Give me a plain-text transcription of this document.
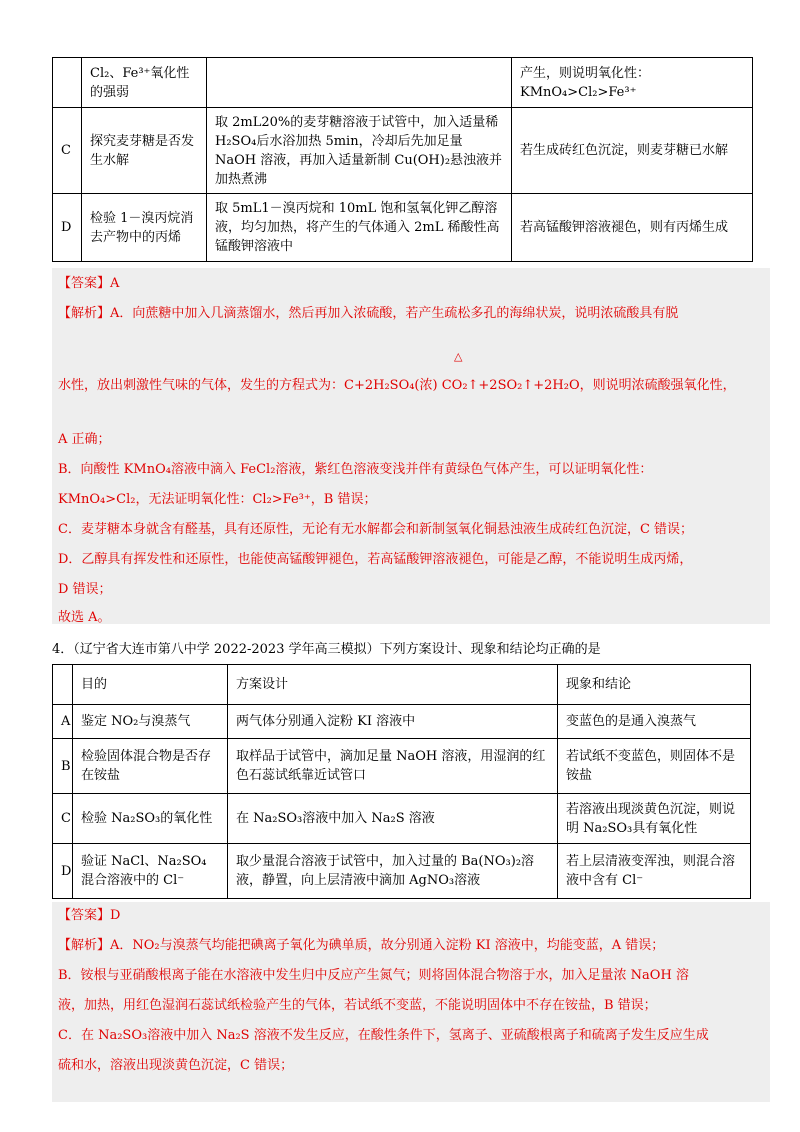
	Cl₂、Fe³⁺氧化性的强弱		产生，则说明氧化性：KMnO₄>Cl₂>Fe³⁺
C	探究麦芽糖是否发生水解	取 2mL20%的麦芽糖溶液于试管中，加入适量稀 H₂SO₄后水浴加热 5min，冷却后先加足量 NaOH 溶液，再加入适量新制 Cu(OH)₂悬浊液并加热煮沸	若生成砖红色沉淀，则麦芽糖已水解
D	检验 1－溴丙烷消去产物中的丙烯	取 5mL1－溴丙烷和 10mL 饱和氢氧化钾乙醇溶液，均匀加热，将产生的气体通入 2mL 稀酸性高锰酸钾溶液中	若高锰酸钾溶液褪色，则有丙烯生成
【答案】A
【解析】A．向蔗糖中加入几滴蒸馏水，然后再加入浓硫酸，若产生疏松多孔的海绵状炭，说明浓硫酸具有脱
△
水性，放出刺激性气味的气体，发生的方程式为：C+2H₂SO₄(浓) CO₂↑+2SO₂↑+2H₂O，则说明浓硫酸强氧化性，
A 正确；
B．向酸性 KMnO₄溶液中滴入 FeCl₂溶液，紫红色溶液变浅并伴有黄绿色气体产生，可以证明氧化性：
KMnO₄>Cl₂，无法证明氧化性：Cl₂>Fe³⁺，B 错误；
C．麦芽糖本身就含有醛基，具有还原性，无论有无水解都会和新制氢氧化铜悬浊液生成砖红色沉淀，C 错误；
D．乙醇具有挥发性和还原性，也能使高锰酸钾褪色，若高锰酸钾溶液褪色，可能是乙醇，不能说明生成丙烯，
D 错误；
故选 A。
4．（辽宁省大连市第八中学 2022-2023 学年高三模拟）下列方案设计、现象和结论均正确的是
	目的	方案设计	现象和结论
A	鉴定 NO₂与溴蒸气	两气体分别通入淀粉 KI 溶液中	变蓝色的是通入溴蒸气
B	检验固体混合物是否存在铵盐	取样品于试管中，滴加足量 NaOH 溶液，用湿润的红色石蕊试纸靠近试管口	若试纸不变蓝色，则固体不是铵盐
C	检验 Na₂SO₃的氧化性	在 Na₂SO₃溶液中加入 Na₂S 溶液	若溶液出现淡黄色沉淀，则说明 Na₂SO₃具有氧化性
D	验证 NaCl、Na₂SO₄混合溶液中的 Cl⁻	取少量混合溶液于试管中，加入过量的 Ba(NO₃)₂溶液，静置，向上层清液中滴加 AgNO₃溶液	若上层清液变浑浊，则混合溶液中含有 Cl⁻
【答案】D
【解析】A．NO₂与溴蒸气均能把碘离子氧化为碘单质，故分别通入淀粉 KI 溶液中，均能变蓝，A 错误；
B．铵根与亚硝酸根离子能在水溶液中发生归中反应产生氮气；则将固体混合物溶于水，加入足量浓 NaOH 溶
液，加热，用红色湿润石蕊试纸检验产生的气体，若试纸不变蓝，不能说明固体中不存在铵盐，B 错误；
C．在 Na₂SO₃溶液中加入 Na₂S 溶液不发生反应，在酸性条件下，氢离子、亚硫酸根离子和硫离子发生反应生成
硫和水，溶液出现淡黄色沉淀，C 错误；
